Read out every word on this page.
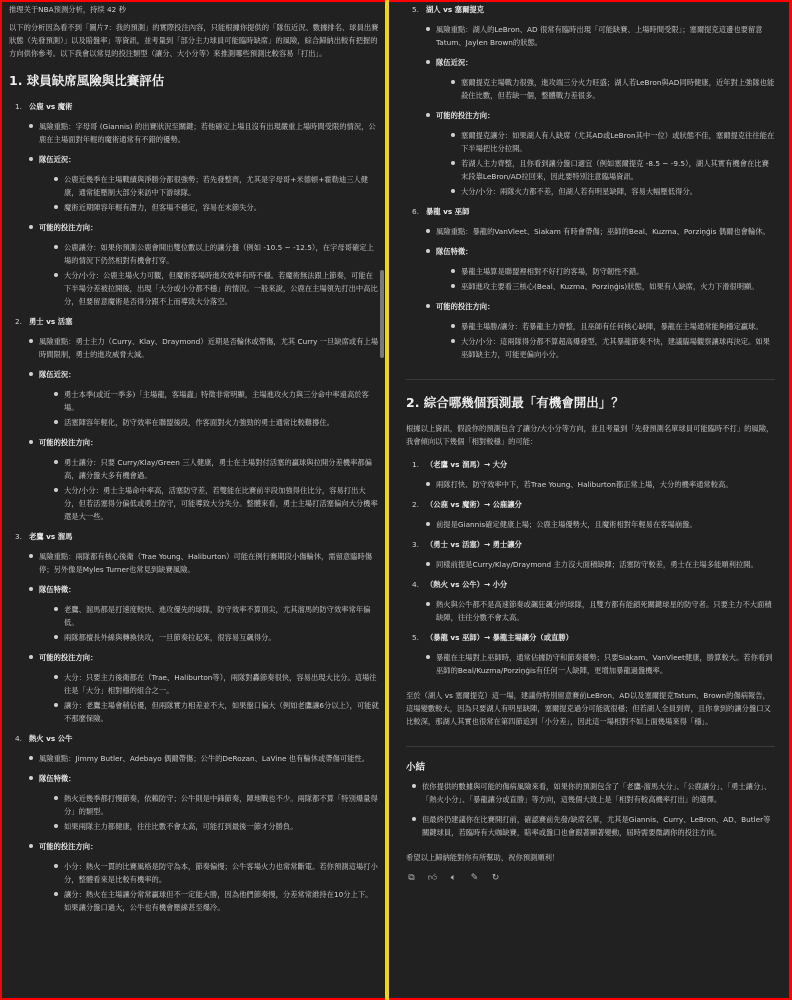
推理关于NBA预测分析，持续 42 秒
以下的分析因為看不到「圖片7：我的預測」的實際投注內容，只能根據你提供的「隊伍近況、數據排名、球員出賽狀態（先發預測）」以及賠盤率」等資訊，並考量到「部分主力球員可能臨時缺席」的風險，綜合歸納出較有把握的方向供你參考。以下我會以常見的投注類型（讓分、大小分等）來推測哪些預測比較容易「打出」。
1. 球員缺席風險與比賽評估
1. 公鹿 vs 魔術
風險重點：字母哥 (Giannis) 的出賽狀況至關鍵；若他確定上場且沒有出現嚴重上場時間受限的情況，公鹿在主場面對年輕的魔術通常有不錯的優勢。
隊伍近況：
公鹿近幾季在主場戰績與淨勝分都很強勢；若先發整齊，尤其是字母哥+米德頓+霍勒迪三人健康，通常能壓制大部分來訪中下游球隊。
魔術近期陣容年輕有潛力，但客場不穩定，容易在末節失分。
可能的投注方向：
公鹿讓分：如果你預測公鹿會開出雙位數以上的讓分盤（例如 -10.5 ~ -12.5），在字母哥確定上場的情況下仍然相對有機會打穿。
大分/小分：公鹿主場火力可觀，但魔術客場時進攻效率有時不穩。若魔術無法跟上節奏，可能在下半場分差被拉開後，出現「大分或小分都不穩」的情況。一般來說，公鹿在主場領先打出中高比分，但要留意魔術是否得分跟不上而導致大分落空。
2. 勇士 vs 活塞
風險重點：勇士主力（Curry、Klay、Draymond）近期是否輪休或帶傷，尤其 Curry 一旦缺席或有上場時間限制，勇士的進攻威脅大減。
隊伍近況：
勇士本季(或近一季多)「主場龍，客場蟲」特徵非常明顯，主場進攻火力與三分命中率遠高於客場。
活塞陣容年輕化，防守效率在聯盟後段，作客面對火力強勁的勇士通常比較難撐住。
可能的投注方向：
勇士讓分：只要 Curry/Klay/Green 三人健康，勇士在主場對付活塞的贏球與拉開分差機率都偏高，讓分盤大多有機會過。
大分/小分：勇士主場命中率高，活塞防守差，若雙能在比賽前半段加強得住比分，容易打出大分，但若活塞得分偏低或勇士防守，可能導致大分失分。整體來看，勇士主場打活塞偏向大分機率還是大一些。
3. 老鷹 vs 溜馬
風險重點：兩隊都有核心後衛（Trae Young、Haliburton）可能在例行賽期段小傷輪休，需留意臨時傷停；另外像是Myles Turner也常見到缺賽風險。
隊伍特徵：
老鷹、溜馬都是打速度較快、進攻優先的球隊，防守效率不算頂尖，尤其溜馬的防守效率常年偏低。
兩隊都擅長外線與轉換快攻，一旦節奏拉起來，很容易互飆得分。
可能的投注方向：
大分：只要主力後衛都在（Trae、Haliburton等），兩隊對轟節奏很快，容易出現大比分。這場往往是「大分」相對穩的組合之一。
讓分：老鷹主場會稍佔優，但兩隊實力相差並不大，如果盤口偏大（例如老鷹讓6分以上），可能就不那麼保險。
4. 熱火 vs 公牛
風險重點：Jimmy Butler、Adebayo 偶爾帶傷；公牛的DeRozan、LaVine 也有輪休或帶傷可能性。
隊伍特徵：
熱火近幾季都打慢節奏，依賴防守；公牛則是中鋒節奏，陣地戰也不少。兩隊都不算「特別爆量得分」的類型。
如果兩隊主力都健康，往往比數不會太高，可能打到最後一節才分勝負。
可能的投注方向：
小分：熱火一貫的比賽風格是防守為本，節奏偏慢；公牛客場火力也常常斷電。若你預測這場打小分，整體看來是比較有機率的。
讓分：熱火在主場讓分常常贏球但不一定能大勝，因為他們節奏慢，分差常常維持在10分上下。如果讓分盤口過大，公牛也有機會壓線甚至爆冷。
5. 湖人 vs 塞爾提克
風險重點：湖人的LeBron、AD 很常有臨時出現「可能缺賽、上場時間受限」；塞爾提克這邊也要留意Tatum、Jaylen Brown的狀態。
隊伍近況：
塞爾提克主場戰力很強，進攻端三分火力旺盛；湖人若LeBron與AD同時健康，近年對上強隊也能殺住比數，但若缺一個，整體戰力差很多。
可能的投注方向：
塞爾提克讓分：如果湖人有人缺席（尤其AD或LeBron其中一位）或狀態不佳，塞爾提克往往能在下半場把比分拉開。
若湖人主力齊整，且你看到讓分盤口適宜（例如塞爾提克 -8.5 ~ -9.5），湖人其實有機會在比賽末段靠LeBron/AD拉回來，因此要特別注意臨場資訊。
大分/小分：兩隊火力都不差，但湖人若有明星缺陣，容易大幅壓低得分。
6. 暴龍 vs 巫師
風險重點：暴龍的VanVleet、Siakam 有時會帶傷；巫師的Beal、Kuzma、Porziņģis 偶爾也會輪休。
隊伍特徵：
暴龍主場算是聯盟裡相對不好打的客場，防守韌性不錯。
巫師進攻主要看三核心(Beal、Kuzma、Porziņģis)狀態，如果有人缺席，火力下滑很明顯。
可能的投注方向：
暴龍主場勝/讓分：若暴龍主力齊整，且巫師有任何核心缺陣，暴龍在主場通常能夠穩定贏球。
大分/小分：這兩隊得分都不算超高爆發型，尤其暴龍節奏不快，建議臨場觀察讓球再決定。如果巫師缺主力，可能更偏向小分。
2. 綜合哪幾個預測最「有機會開出」？
根據以上資訊，假設你的預測包含了讓分/大小分等方向，並且考量到「先發預測名單球員可能臨時不打」的風險，我會傾向以下幾個「相對較穩」的可能：
1. （老鷹 vs 溜馬）→ 大分
兩隊打快、防守效率中下，若Trae Young、Haliburton都正常上場，大分的機率通常較高。
2. （公鹿 vs 魔術）→ 公鹿讓分
前提是Giannis確定健康上場；公鹿主場優勢大，且魔術相對年輕易在客場崩盤。
3. （勇士 vs 活塞）→ 勇士讓分
同樣前提是Curry/Klay/Draymond 主力沒大面積缺陣；活塞防守較差，勇士在主場多能順利拉開。
4. （熱火 vs 公牛）→ 小分
熱火與公牛都不是高速節奏或飆狂飆分的球隊，且雙方都有能鎖死關鍵球星的防守者。只要主力不大面積缺陣，往往分數不會太高。
5. （暴龍 vs 巫師）→ 暴龍主場讓分（或直勝）
暴龍在主場對上巫師時，通常佔據防守和節奏優勢；只要Siakam、VanVleet健康，勝算較大。若你看到巫師的Beal/Kuzma/Porziņģis有任何一人缺陣，更增加暴龍過盤機率。
至於（湖人 vs 塞爾提克）這一場，建議你特別留意賽前LeBron、AD以及塞爾提克Tatum、Brown的傷病報告，這場變數較大，因為只要湖人有明星缺陣，塞爾提克過分可能就很穩；但若湖人全員到齊，且你拿到的讓分盤口又比較深，那湖人其實也很常在第四節追到「小分差」，因此這一場相對不如上面幾場來得「穩」。
小結
依你提供的數據與可能的傷病風險來看，如果你的預測包含了「老鷹-溜馬大分」、「公鹿讓分」、「勇士讓分」、「熱火小分」、「暴龍讓分或直勝」等方向，這幾個大致上是「相對有較高機率打出」的選擇。
但最終仍建議你在比賽開打前，確認賽前先發/缺席名單，尤其是Giannis、Curry、LeBron、AD、Butler等關鍵球員，若臨時有大咖缺賽，賠率或盤口也會跟著顯著變動，屆時需要微調你的投注方向。
希望以上歸納能對你有所幫助，祝你預測順利！
⧉ 👍︎	🔈︎	✎ ↻
